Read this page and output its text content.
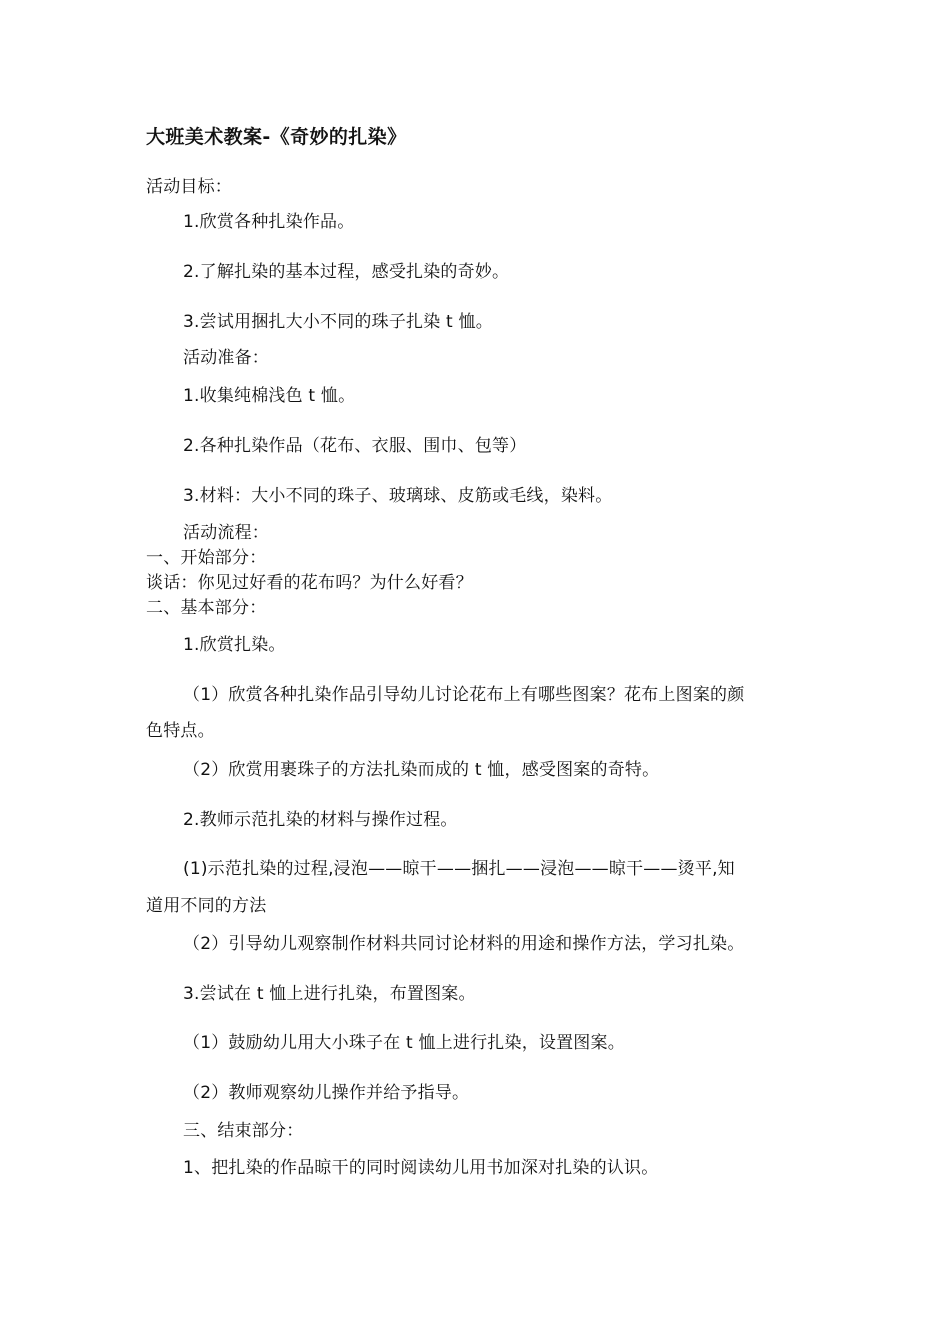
大班美术教案-《奇妙的扎染》
活动目标：
1.欣赏各种扎染作品。
2.了解扎染的基本过程，感受扎染的奇妙。
3.尝试用捆扎大小不同的珠子扎染 t 恤。
活动准备：
1.收集纯棉浅色 t 恤。
2.各种扎染作品（花布、衣服、围巾、包等）
3.材料：大小不同的珠子、玻璃球、皮筋或毛线，染料。
活动流程：
一、开始部分：
谈话：你见过好看的花布吗？为什么好看？
二、基本部分：
1.欣赏扎染。
（1）欣赏各种扎染作品引导幼儿讨论花布上有哪些图案？花布上图案的颜
色特点。
（2）欣赏用裹珠子的方法扎染而成的 t 恤，感受图案的奇特。
2.教师示范扎染的材料与操作过程。
(1)示范扎染的过程,浸泡——晾干——捆扎——浸泡——晾干——烫平,知
道用不同的方法
（2）引导幼儿观察制作材料共同讨论材料的用途和操作方法，学习扎染。
3.尝试在 t 恤上进行扎染，布置图案。
（1）鼓励幼儿用大小珠子在 t 恤上进行扎染，设置图案。
（2）教师观察幼儿操作并给予指导。
三、结束部分：
1、把扎染的作品晾干的同时阅读幼儿用书加深对扎染的认识。
